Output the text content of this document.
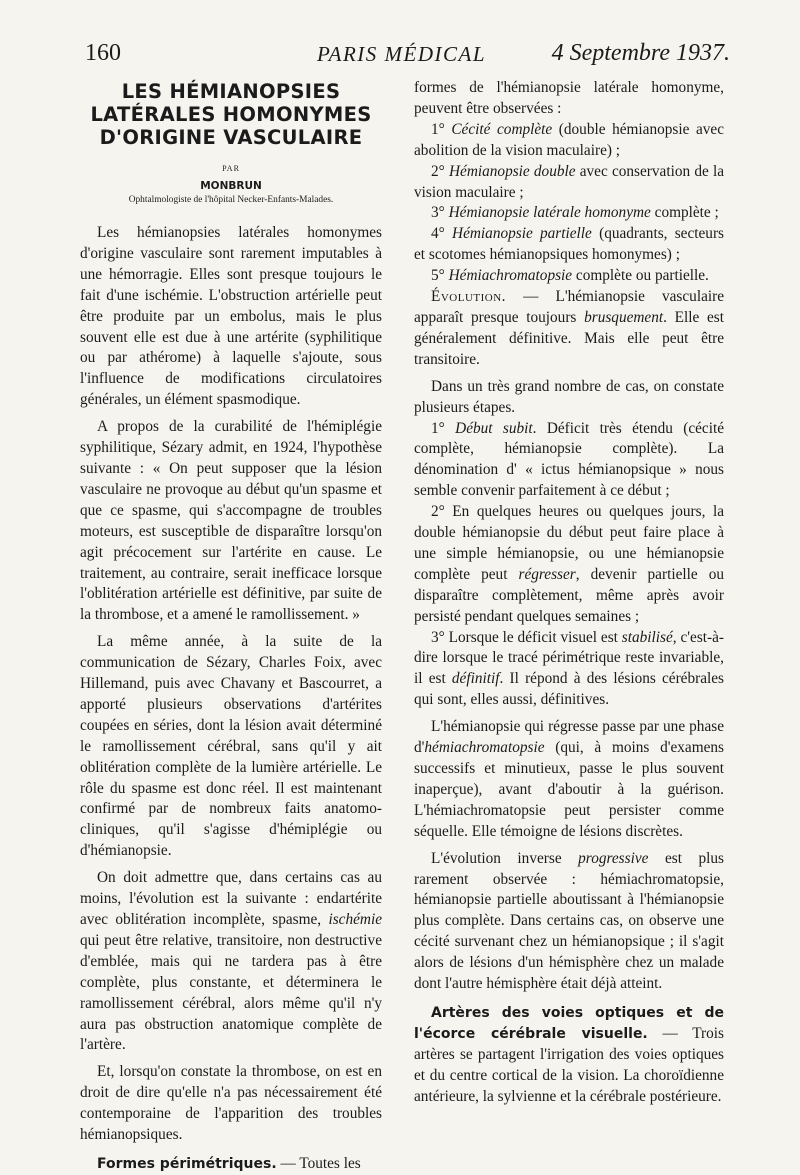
160	PARIS MÉDICAL	4 Septembre 1937.
LES HÉMIANOPSIES LATÉRALES HOMONYMES D'ORIGINE VASCULAIRE
PAR
MONBRUN
Ophtalmologiste de l'hôpital Necker-Enfants-Malades.

Les hémianopsies latérales homonymes d'origine vasculaire sont rarement imputables à une hémorragie. Elles sont presque toujours le fait d'une ischémie. L'obstruction artérielle peut être produite par un embolus, mais le plus souvent elle est due à une artérite (syphilitique ou par athérome) à laquelle s'ajoute, sous l'influence de modifications circulatoires générales, un élément spasmodique.

A propos de la curabilité de l'hémiplégie syphilitique, Sézary admit, en 1924, l'hypothèse suivante : « On peut supposer que la lésion vasculaire ne provoque au début qu'un spasme et que ce spasme, qui s'accompagne de troubles moteurs, est susceptible de disparaître lorsqu'on agit précocement sur l'artérite en cause. Le traitement, au contraire, serait inefficace lorsque l'oblitération artérielle est définitive, par suite de la thrombose, et a amené le ramollissement. »

La même année, à la suite de la communication de Sézary, Charles Foix, avec Hillemand, puis avec Chavany et Bascourret, a apporté plusieurs observations d'artérites coupées en séries, dont la lésion avait déterminé le ramollissement cérébral, sans qu'il y ait oblitération complète de la lumière artérielle. Le rôle du spasme est donc réel. Il est maintenant confirmé par de nombreux faits anatomo-cliniques, qu'il s'agisse d'hémiplégie ou d'hémianopsie.

On doit admettre que, dans certains cas au moins, l'évolution est la suivante : endartérite avec oblitération incomplète, spasme, ischémie qui peut être relative, transitoire, non destructive d'emblée, mais qui ne tardera pas à être complète, plus constante, et déterminera le ramollissement cérébral, alors même qu'il n'y aura pas obstruction anatomique complète de l'artère.

Et, lorsqu'on constate la thrombose, on est en droit de dire qu'elle n'a pas nécessairement été contemporaine de l'apparition des troubles hémianopsiques.

Formes périmétriques. — Toutes les

formes de l'hémianopsie latérale homonyme, peuvent être observées :

1° Cécité complète (double hémianopsie avec abolition de la vision maculaire) ;

2° Hémianopsie double avec conservation de la vision maculaire ;

3° Hémianopsie latérale homonyme complète ;

4° Hémianopsie partielle (quadrants, secteurs et scotomes hémianopsiques homonymes) ;

5° Hémiachromatopsie complète ou partielle.

Évolution. — L'hémianopsie vasculaire apparaît presque toujours brusquement. Elle est généralement définitive. Mais elle peut être transitoire.

Dans un très grand nombre de cas, on constate plusieurs étapes.

1° Début subit. Déficit très étendu (cécité complète, hémianopsie complète). La dénomination d' « ictus hémianopsique » nous semble convenir parfaitement à ce début ;

2° En quelques heures ou quelques jours, la double hémianopsie du début peut faire place à une simple hémianopsie, ou une hémianopsie complète peut régresser, devenir partielle ou disparaître complètement, même après avoir persisté pendant quelques semaines ;

3° Lorsque le déficit visuel est stabilisé, c'est-à-dire lorsque le tracé périmétrique reste invariable, il est définitif. Il répond à des lésions cérébrales qui sont, elles aussi, définitives.

L'hémianopsie qui régresse passe par une phase d'hémiachromatopsie (qui, à moins d'examens successifs et minutieux, passe le plus souvent inaperçue), avant d'aboutir à la guérison. L'hémiachromatopsie peut persister comme séquelle. Elle témoigne de lésions discrètes.

L'évolution inverse progressive est plus rarement observée : hémiachromatopsie, hémianopsie partielle aboutissant à l'hémianopsie plus complète. Dans certains cas, on observe une cécité survenant chez un hémianopsique ; il s'agit alors de lésions d'un hémisphère chez un malade dont l'autre hémisphère était déjà atteint.

Artères des voies optiques et de l'écorce cérébrale visuelle. — Trois artères se partagent l'irrigation des voies optiques et du centre cortical de la vision. La choroïdienne antérieure, la sylvienne et la cérébrale postérieure.
